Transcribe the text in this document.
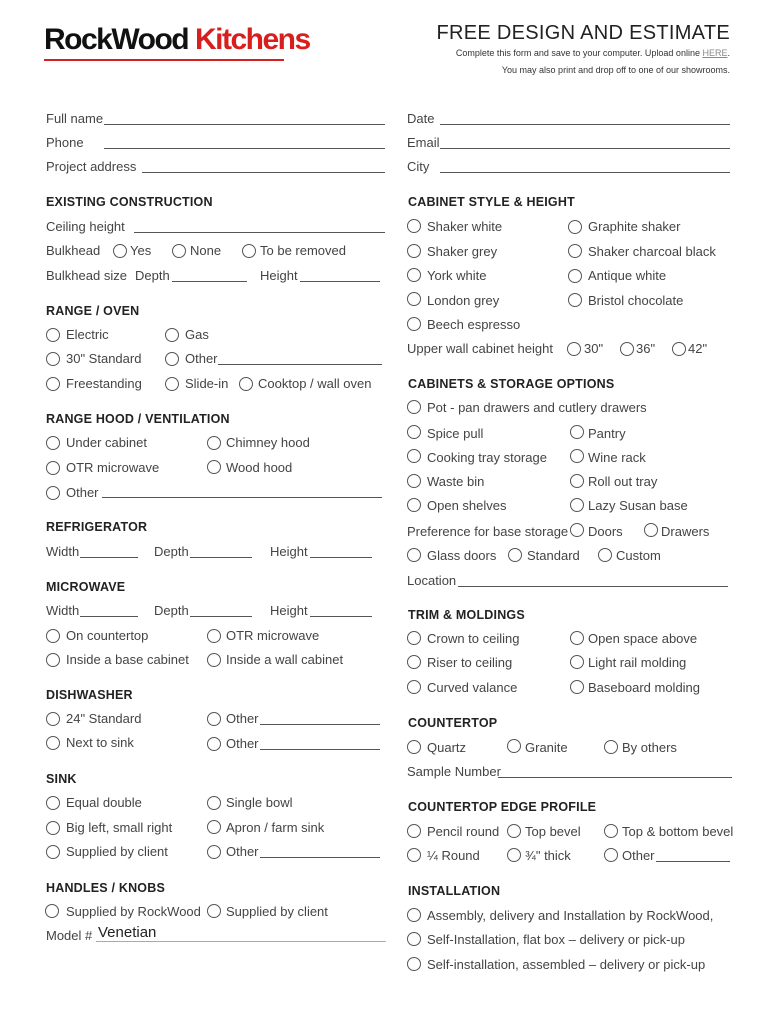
RockWood Kitchens	FREE DESIGN AND ESTIMATE
Complete this form and save to your computer. Upload online HERE.
You may also print and drop off to one of our showrooms.
Full name
Phone
Project address
Date
Email
City
EXISTING CONSTRUCTION
Ceiling height
Bulkhead Yes	None	To be removed
Bulkhead size Depth	Height
RANGE / OVEN
Electric	Gas
30" Standard	Other
Freestanding	Slide-in Cooktop / wall oven
RANGE HOOD / VENTILATION
Under cabinet	Chimney hood
OTR microwave	Wood hood
Other
REFRIGERATOR
Width	Depth	Height
MICROWAVE
Width	Depth	Height
On countertop	OTR microwave
Inside a base cabinet	Inside a wall cabinet
DISHWASHER
24" Standard	Other
Next to sink	Other
SINK
Equal double	Single bowl
Big left, small right	Apron / farm sink
Supplied by client	Other
HANDLES / KNOBS
Supplied by RockWood Supplied by client
Model # Venetian
CABINET STYLE & HEIGHT
Shaker white	Graphite shaker
Shaker grey	Shaker charcoal black
York white	Antique white
London grey	Bristol chocolate
Beech espresso
Upper wall cabinet height 30"	36"	42"
CABINETS & STORAGE OPTIONS
Pot - pan drawers and cutlery drawers
Spice pull	Pantry
Cooking tray storage	Wine rack
Waste bin	Roll out tray
Open shelves	Lazy Susan base
Preference for base storage Doors	Drawers
Glass doors Standard	Custom
Location
TRIM & MOLDINGS
Crown to ceiling	Open space above
Riser to ceiling	Light rail molding
Curved valance	Baseboard molding
COUNTERTOP
Quartz	Granite	By others
Sample Number
COUNTERTOP EDGE PROFILE
Pencil round Top bevel	Top & bottom bevel
¼ Round	¾" thick	Other
INSTALLATION
Assembly, delivery and Installation by RockWood,
Self-Installation, flat box – delivery or pick-up
Self-installation, assembled – delivery or pick-up
